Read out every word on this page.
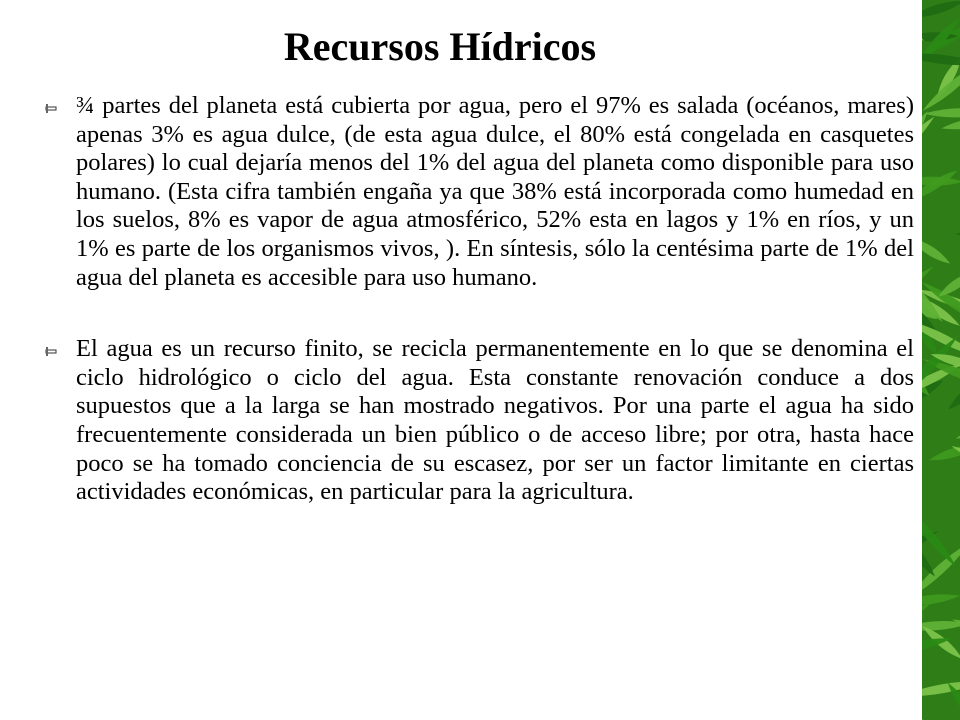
Recursos Hídricos
¾ partes del planeta está cubierta por agua, pero el 97% es salada (océanos, mares) apenas 3% es agua dulce, (de esta agua dulce, el 80% está congelada en casquetes polares) lo cual dejaría menos del 1% del agua del planeta como disponible para uso humano. (Esta cifra también engaña ya que 38% está incorporada como humedad en los suelos, 8% es vapor de agua atmosférico, 52% esta en lagos y 1% en ríos, y un 1% es parte de los organismos vivos, ). En síntesis, sólo la centésima parte de 1% del agua del planeta es accesible para uso humano.
El agua es un recurso finito, se recicla permanentemente en lo que se denomina el ciclo hidrológico o ciclo del agua. Esta constante renovación conduce a dos supuestos que a la larga se han mostrado negativos. Por una parte el agua ha sido frecuentemente considerada un bien público o de acceso libre; por otra, hasta hace poco se ha tomado conciencia de su escasez, por ser un factor limitante en ciertas actividades económicas, en particular para la agricultura.
